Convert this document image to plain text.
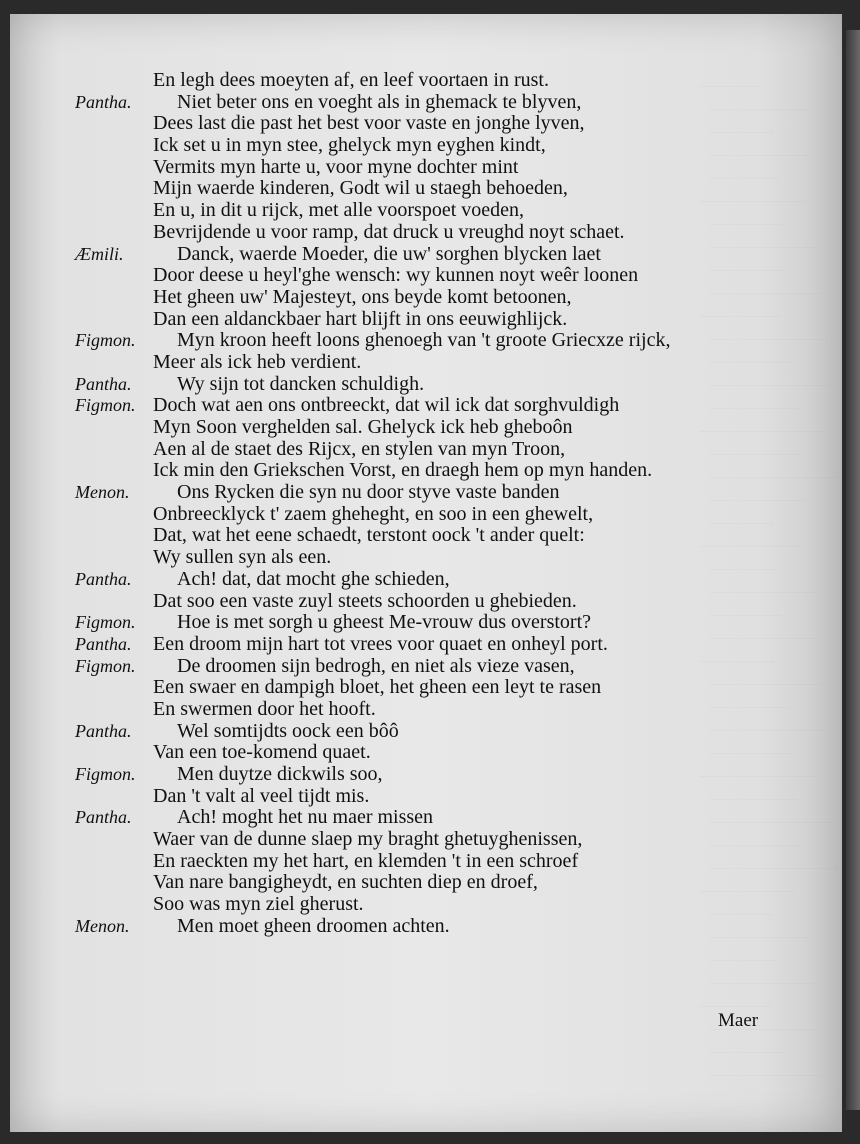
En legh dees moeyten af, en leef voortaen in rust.
Pantha. Niet beter ons en voeght als in ghemack te blyven,
Dees last die past het best voor vaste en jonghe lyven,
Ick set u in myn stee, ghelyck myn eyghen kindt,
Vermits myn harte u, voor myne dochter mint
Mijn waerde kinderen, Godt wil u staegh behoeden,
En u, in dit u rijck, met alle voorspoet voeden,
Bevrijdende u voor ramp, dat druck u vreughd noyt schaet.
Æmili.	Danck, waerde Moeder, die uw' sorghen blycken laet
Door deese u heyl'ghe wensch: wy kunnen noyt weêr loonen
Het gheen uw' Majesteyt, ons beyde komt betoonen,
Dan een aldanckbaer hart blijft in ons eeuwighlijck.
Figmon. Myn kroon heeft loons ghenoegh van 't groote Griecxze rijck,
Meer als ick heb verdient.
Pantha. Wy sijn tot dancken schuldigh.
Figmon. Doch wat aen ons ontbreeckt, dat wil ick dat sorghvuldigh
Myn Soon verghelden sal. Ghelyck ick heb gheboôn
Aen al de staet des Rijcx, en stylen van myn Troon,
Ick min den Griekschen Vorst, en draegh hem op myn handen.
Menon. Ons Rycken die syn nu door styve vaste banden
Onbreecklyck t' zaem gheheght, en soo in een ghewelt,
Dat, wat het eene schaedt, terstont oock 't ander quelt:
Wy sullen syn als een.
Pantha. Ach! dat, dat mocht ghe schieden,
Dat soo een vaste zuyl steets schoorden u ghebieden.
Figmon. Hoe is met sorgh u gheest Me-vrouw dus overstort?
Pantha. Een droom mijn hart tot vrees voor quaet en onheyl port.
Figmon. De droomen sijn bedrogh, en niet als vieze vasen,
Een swaer en dampigh bloet, het gheen een leyt te rasen
En swermen door het hooft.
Pantha. Wel somtijdts oock een bôô
Van een toe-komend quaet.
Figmon. Men duytze dickwils soo,
Dan 't valt al veel tijdt mis.
Pantha. Ach! moght het nu maer missen
Waer van de dunne slaep my braght ghetuyghenissen,
En raeckten my het hart, en klemden 't in een schroef
Van nare bangigheydt, en suchten diep en droef,
Soo was myn ziel gherust.
Menon. Men moet gheen droomen achten.
Maer
